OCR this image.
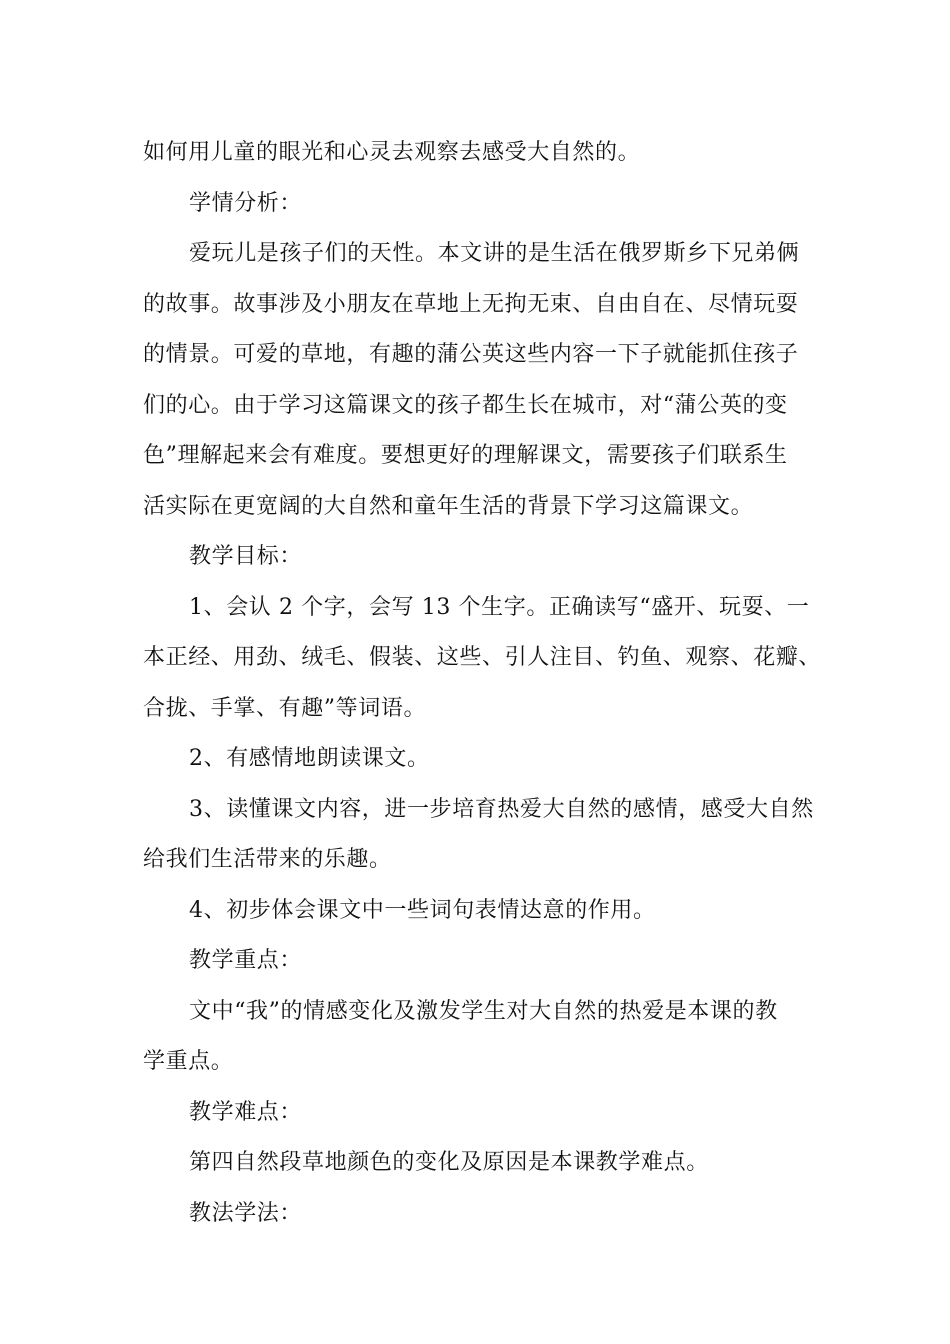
如何用儿童的眼光和心灵去观察去感受大自然的。

学情分析：

爱玩儿是孩子们的天性。本文讲的是生活在俄罗斯乡下兄弟俩

的故事。故事涉及小朋友在草地上无拘无束、自由自在、尽情玩耍

的情景。可爱的草地，有趣的蒲公英这些内容一下子就能抓住孩子

们的心。由于学习这篇课文的孩子都生长在城市，对“蒲公英的变

色”理解起来会有难度。要想更好的理解课文，需要孩子们联系生

活实际在更宽阔的大自然和童年生活的背景下学习这篇课文。

教学目标：

1、会认 2 个字，会写 13 个生字。正确读写“盛开、玩耍、一

本正经、用劲、绒毛、假装、这些、引人注目、钓鱼、观察、花瓣、

合拢、手掌、有趣”等词语。

2、有感情地朗读课文。

3、读懂课文内容，进一步培育热爱大自然的感情，感受大自然

给我们生活带来的乐趣。

4、初步体会课文中一些词句表情达意的作用。

教学重点：

文中“我”的情感变化及激发学生对大自然的热爱是本课的教

学重点。

教学难点：

第四自然段草地颜色的变化及原因是本课教学难点。

教法学法：
